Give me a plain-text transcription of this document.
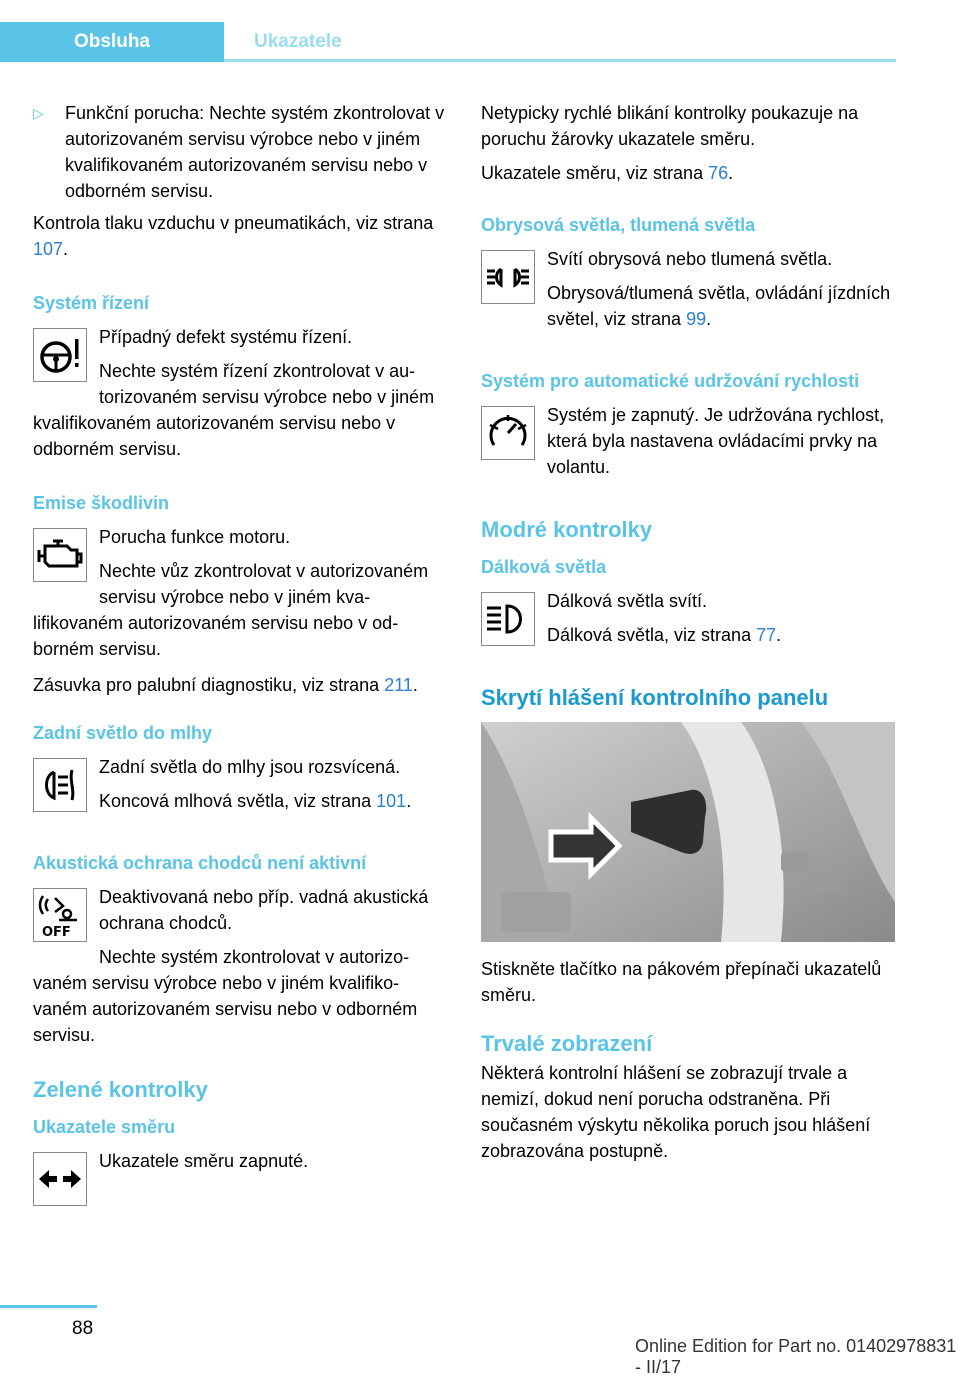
Obsluha	Ukazatele
▷	Funkční porucha: Nechte systém zkontrolovat v autorizovaném servisu výrobce nebo v jiném kvalifikovaném autorizovaném servisu nebo v odborném servisu.

Kontrola tlaku vzduchu v pneumatikách, viz strana 107.

Systém řízení

Případný defekt systému řízení.

Nechte systém řízení zkontrolovat v autorizovaném servisu výrobce nebo v jiném kvalifikovaném autorizovaném servisu nebo v odborném servisu.

Emise škodlivin

Porucha funkce motoru.

Nechte vůz zkontrolovat v autorizovaném servisu výrobce nebo v jiném kvalifikovaném autorizovaném servisu nebo v odborném servisu.

Zásuvka pro palubní diagnostiku, viz strana 211.

Zadní světlo do mlhy

Zadní světla do mlhy jsou rozsvícená.

Koncová mlhová světla, viz strana 101.

Akustická ochrana chodců není aktivní
OFF

Deaktivovaná nebo příp. vadná akustická ochrana chodců.

Nechte systém zkontrolovat v autorizovaném servisu výrobce nebo v jiném kvalifikovaném autorizovaném servisu nebo v odborném servisu.

Zelené kontrolky
Ukazatele směru

Ukazatele směru zapnuté.

Netypicky rychlé blikání kontrolky poukazuje na poruchu žárovky ukazatele směru.

Ukazatele směru, viz strana 76.

Obrysová světla, tlumená světla

Svítí obrysová nebo tlumená světla.

Obrysová/tlumená světla, ovládání jízdních světel, viz strana 99.

Systém pro automatické udržování rychlosti

Systém je zapnutý. Je udržována rychlost, která byla nastavena ovládacími prvky na volantu.

Modré kontrolky
Dálková světla

Dálková světla svítí.

Dálková světla, viz strana 77.

Skrytí hlášení kontrolního panelu

Stiskněte tlačítko na pákovém přepínači ukazatelů směru.

Trvalé zobrazení

Některá kontrolní hlášení se zobrazují trvale a nemizí, dokud není porucha odstraněna. Při současném výskytu několika poruch jsou hlášení zobrazována postupně.

88
Online Edition for Part no. 01402978831 - II/17
